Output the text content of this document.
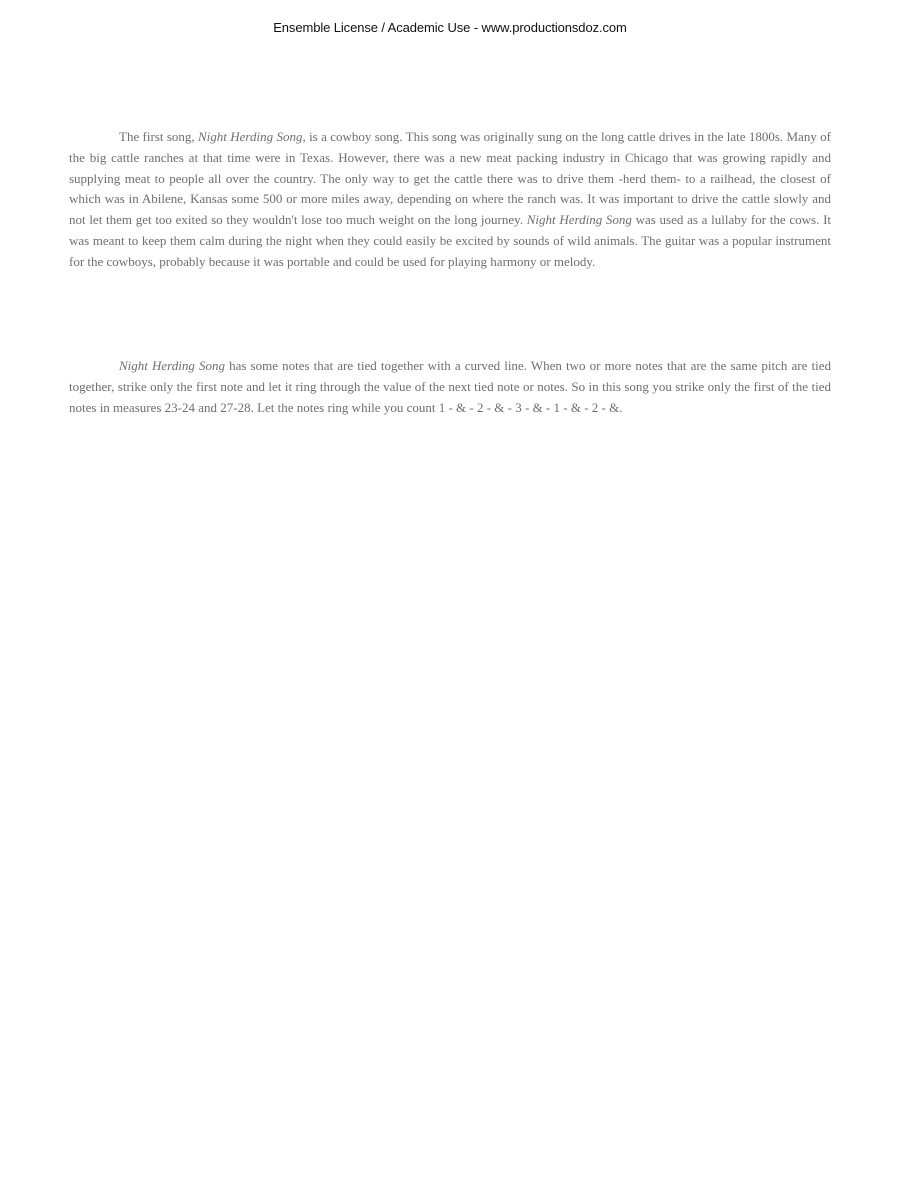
Ensemble License / Academic Use - www.productionsdoz.com

The first song, Night Herding Song, is a cowboy song. This song was originally sung on the long cattle drives in the late 1800s. Many of the big cattle ranches at that time were in Texas. However, there was a new meat packing industry in Chicago that was growing rapidly and supplying meat to people all over the country. The only way to get the cattle there was to drive them -herd them- to a railhead, the closest of which was in Abilene, Kansas some 500 or more miles away, depending on where the ranch was. It was important to drive the cattle slowly and not let them get too exited so they wouldn't lose too much weight on the long journey. Night Herding Song was used as a lullaby for the cows. It was meant to keep them calm during the night when they could easily be excited by sounds of wild animals. The guitar was a popular instrument for the cowboys, probably because it was portable and could be used for playing harmony or melody.

Night Herding Song has some notes that are tied together with a curved line. When two or more notes that are the same pitch are tied together, strike only the first note and let it ring through the value of the next tied note or notes. So in this song you strike only the first of the tied notes in measures 23-24 and 27-28. Let the notes ring while you count 1 - & - 2 - & - 3 - & - 1 - & - 2 - &.
